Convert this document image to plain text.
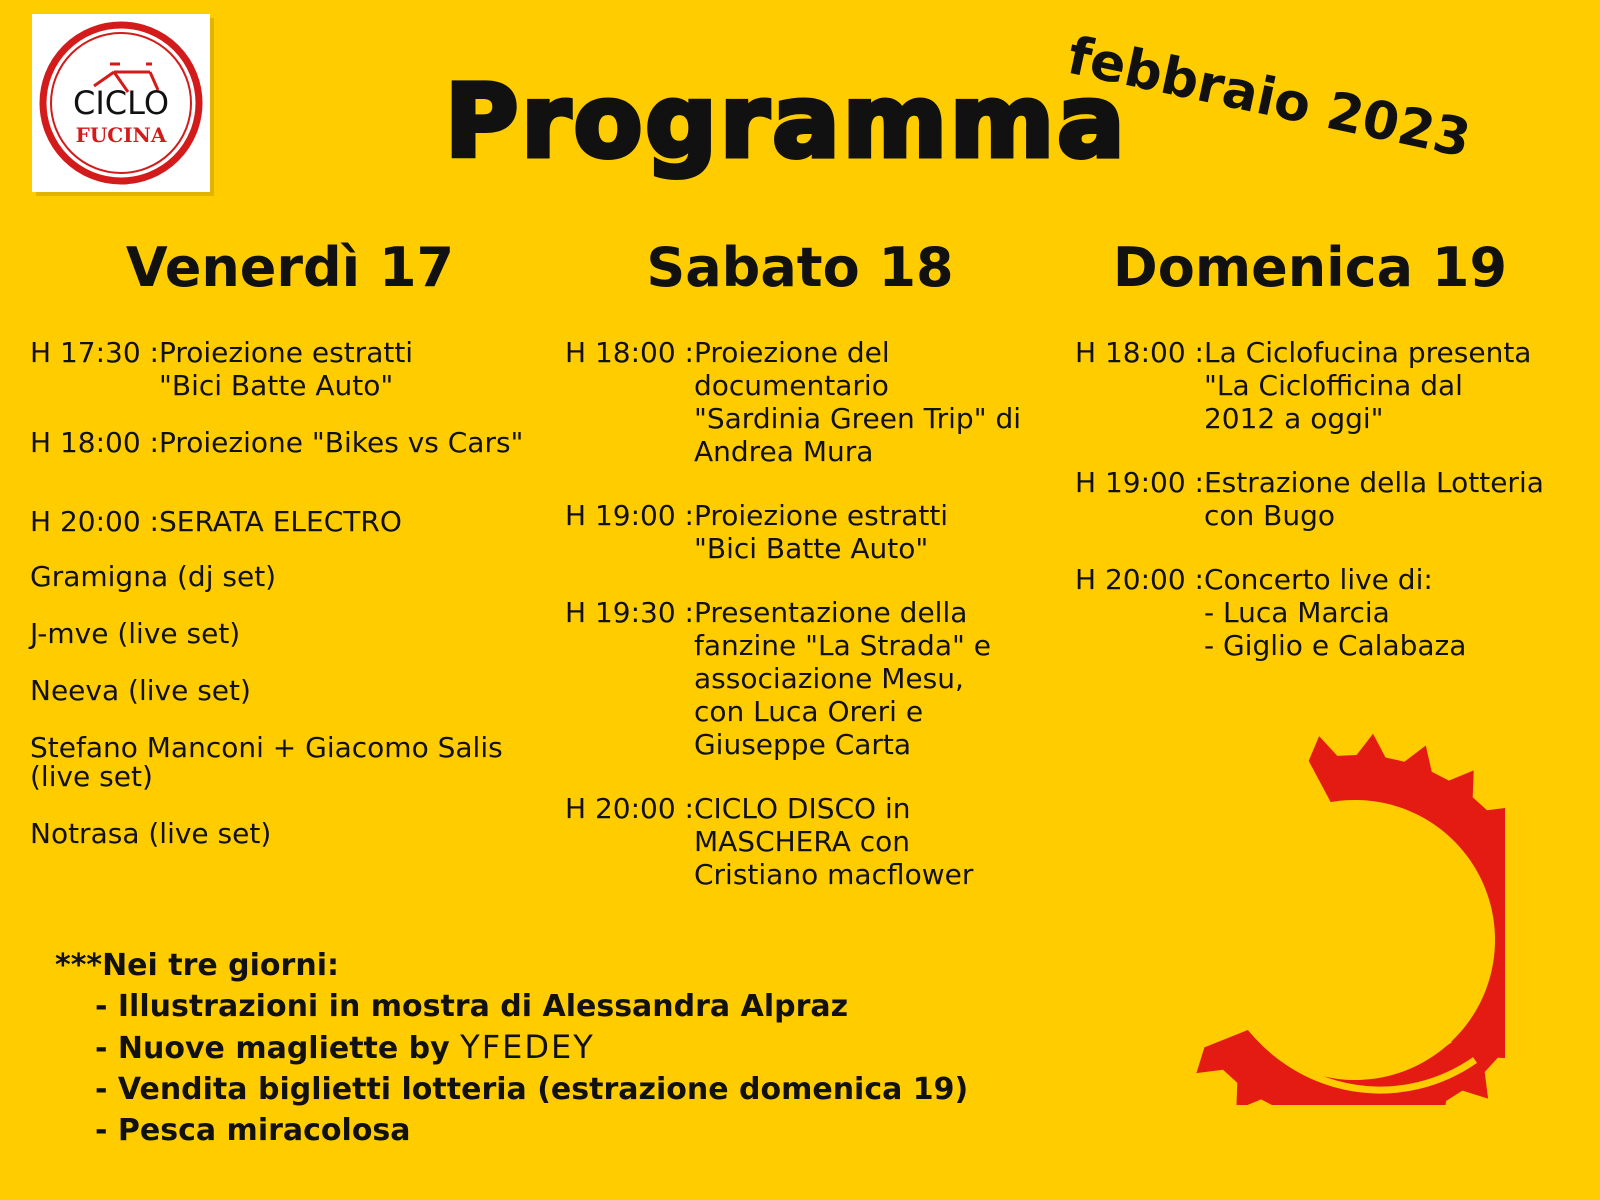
CICLO
FUCINA	Programma
febbraio 2023
Venerdì 17
H 17:30 : Proiezione estratti
"Bici Batte Auto"
H 18:00 : Proiezione "Bikes vs Cars"
H 20:00 : SERATA ELECTRO
Gramigna (dj set)
J-mve (live set)
Neeva (live set)
Stefano Manconi + Giacomo Salis (live set)
Notrasa (live set)
Sabato 18
H 18:00 : Proiezione del
documentario
"Sardinia Green Trip" di
Andrea Mura
H 19:00 : Proiezione estratti
"Bici Batte Auto"
H 19:30 : Presentazione della
fanzine "La Strada" e
associazione Mesu,
con Luca Oreri e
Giuseppe Carta
H 20:00 : CICLO DISCO in
MASCHERA con
Cristiano macflower
Domenica 19
H 18:00 : La Ciclofucina presenta
"La Ciclofficina dal
2012 a oggi"
H 19:00 : Estrazione della Lotteria
con Bugo
H 20:00 : Concerto live di:
- Luca Marcia
- Giglio e Calabaza
***Nei tre giorni:
- Illustrazioni in mostra di Alessandra Alpraz
- Nuove magliette by YFEDEY
- Vendita biglietti lotteria (estrazione domenica 19)
- Pesca miracolosa
